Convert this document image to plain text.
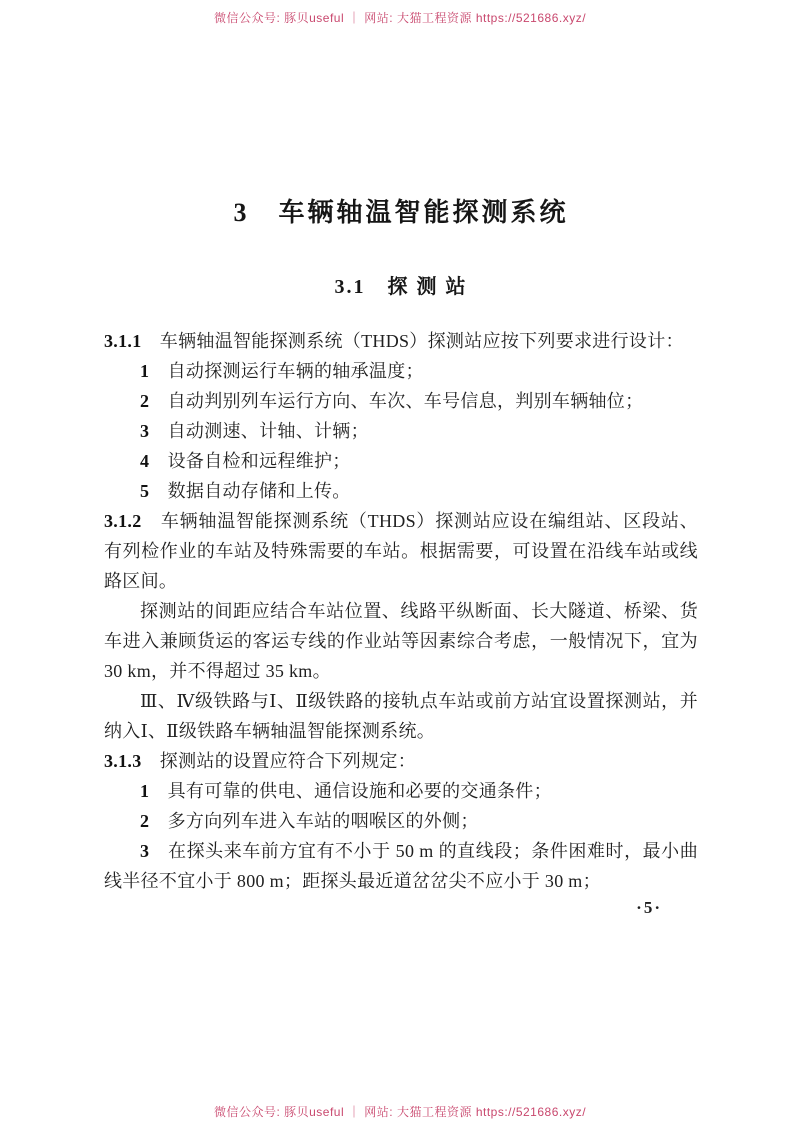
微信公众号: 豚贝useful ｜ 网站: 大猫工程资源 https://521686.xyz/
3　车辆轴温智能探测系统
3.1　探 测 站

3.1.1　车辆轴温智能探测系统（THDS）探测站应按下列要求进行设计：

1　自动探测运行车辆的轴承温度；

2　自动判别列车运行方向、车次、车号信息，判别车辆轴位；

3　自动测速、计轴、计辆；

4　设备自检和远程维护；

5　数据自动存储和上传。

3.1.2　车辆轴温智能探测系统（THDS）探测站应设在编组站、区段站、有列检作业的车站及特殊需要的车站。根据需要，可设置在沿线车站或线路区间。

探测站的间距应结合车站位置、线路平纵断面、长大隧道、桥梁、货车进入兼顾货运的客运专线的作业站等因素综合考虑，一般情况下，宜为 30 km，并不得超过 35 km。

Ⅲ、Ⅳ级铁路与Ⅰ、Ⅱ级铁路的接轨点车站或前方站宜设置探测站，并纳入Ⅰ、Ⅱ级铁路车辆轴温智能探测系统。

3.1.3　探测站的设置应符合下列规定：

1　具有可靠的供电、通信设施和必要的交通条件；

2　多方向列车进入车站的咽喉区的外侧；

3　在探头来车前方宜有不小于 50 m 的直线段；条件困难时，最小曲线半径不宜小于 800 m；距探头最近道岔岔尖不应小于 30 m；

·5·
微信公众号: 豚贝useful ｜ 网站: 大猫工程资源 https://521686.xyz/
